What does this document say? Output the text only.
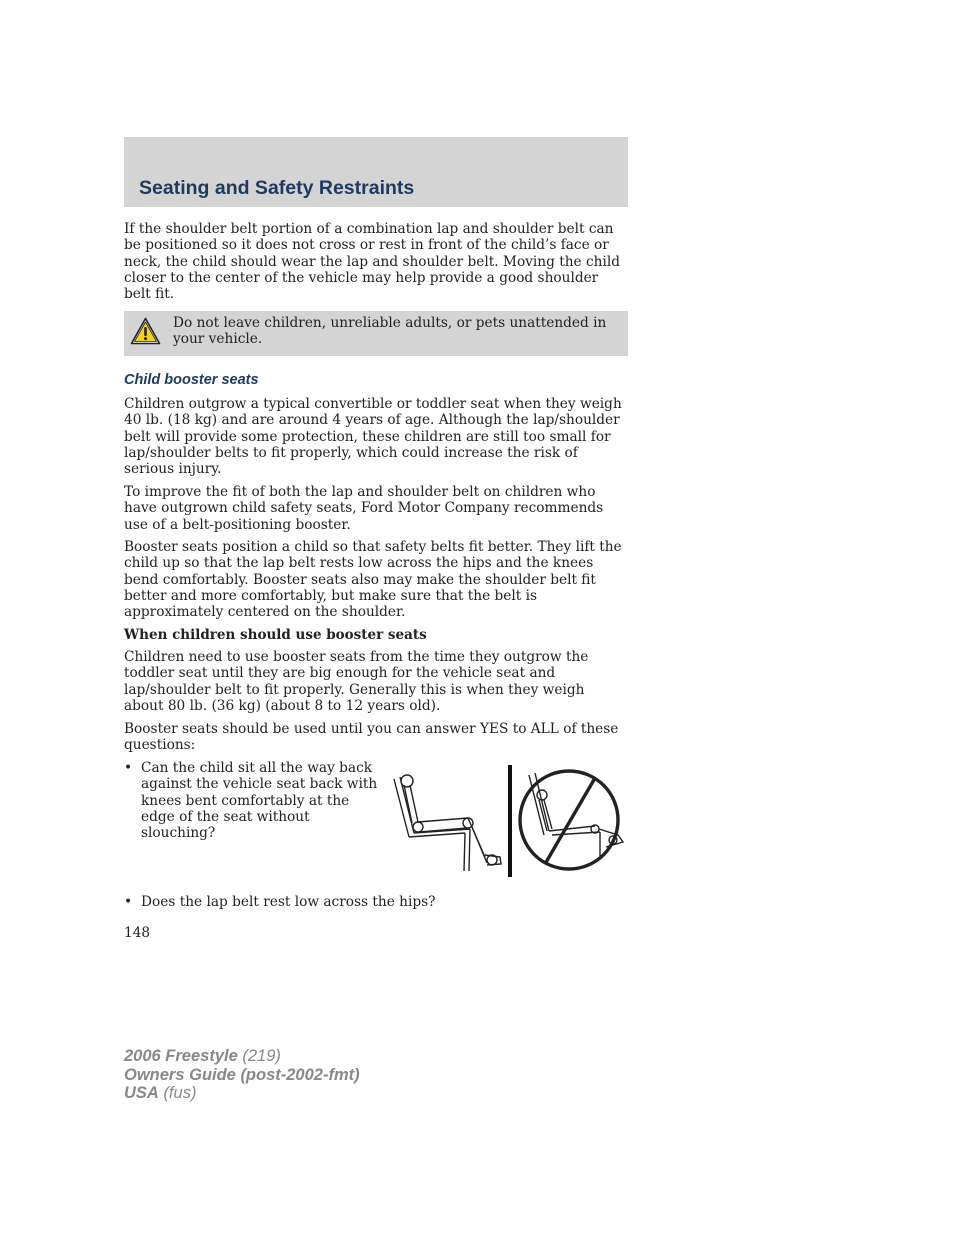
Seating and Safety Restraints

If the shoulder belt portion of a combination lap and shoulder belt can be positioned so it does not cross or rest in front of the child’s face or neck, the child should wear the lap and shoulder belt. Moving the child closer to the center of the vehicle may help provide a good shoulder belt fit.

Do not leave children, unreliable adults, or pets unattended in your vehicle.
Child booster seats

Children outgrow a typical convertible or toddler seat when they weigh 40 lb. (18 kg) and are around 4 years of age. Although the lap/shoulder belt will provide some protection, these children are still too small for lap/shoulder belts to fit properly, which could increase the risk of serious injury.

To improve the fit of both the lap and shoulder belt on children who have outgrown child safety seats, Ford Motor Company recommends use of a belt-positioning booster.

Booster seats position a child so that safety belts fit better. They lift the child up so that the lap belt rests low across the hips and the knees bend comfortably. Booster seats also may make the shoulder belt fit better and more comfortably, but make sure that the belt is approximately centered on the shoulder.

When children should use booster seats

Children need to use booster seats from the time they outgrow the toddler seat until they are big enough for the vehicle seat and lap/shoulder belt to fit properly. Generally this is when they weigh about 80 lb. (36 kg) (about 8 to 12 years old).

Booster seats should be used until you can answer YES to ALL of these questions:

• Can the child sit all the way back against the vehicle seat back with knees bent comfortably at the edge of the seat without slouching?
• Does the lap belt rest low across the hips?
148
2006 Freestyle (219)
Owners Guide (post-2002-fmt)
USA (fus)
